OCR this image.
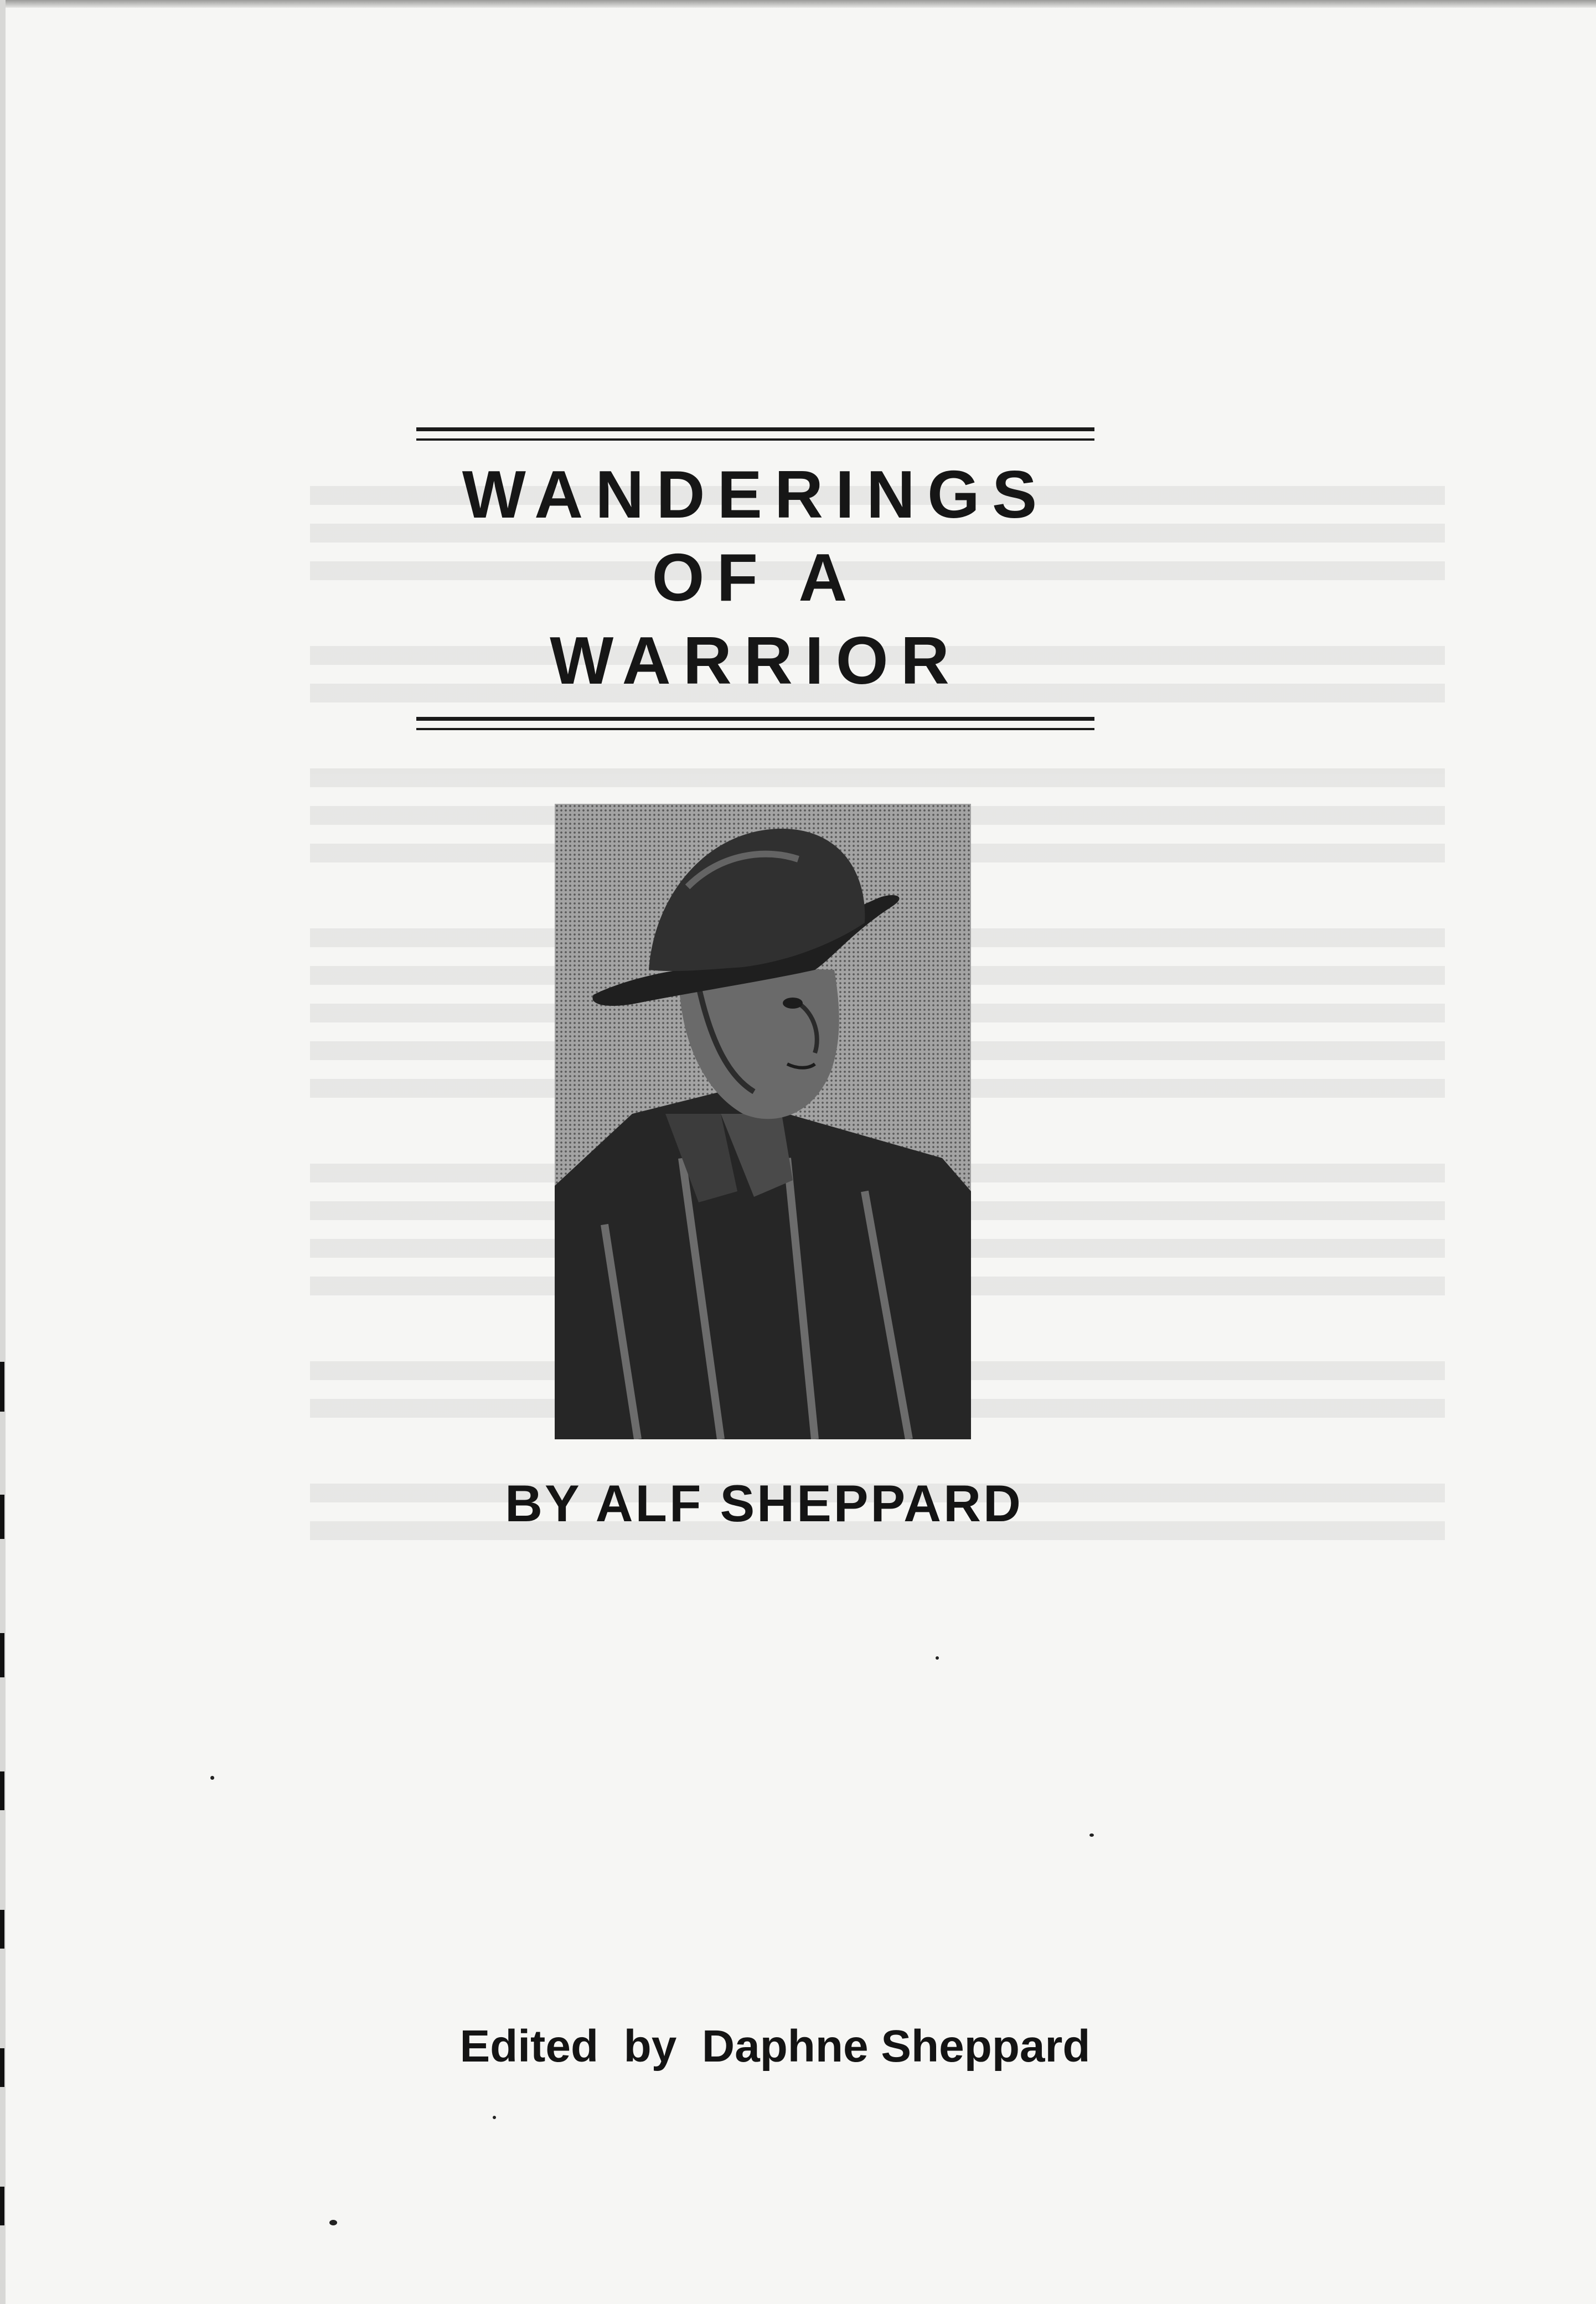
WANDERINGS
OF A
WARRIOR
BY ALF SHEPPARD
Edited  by  Daphne Sheppard
